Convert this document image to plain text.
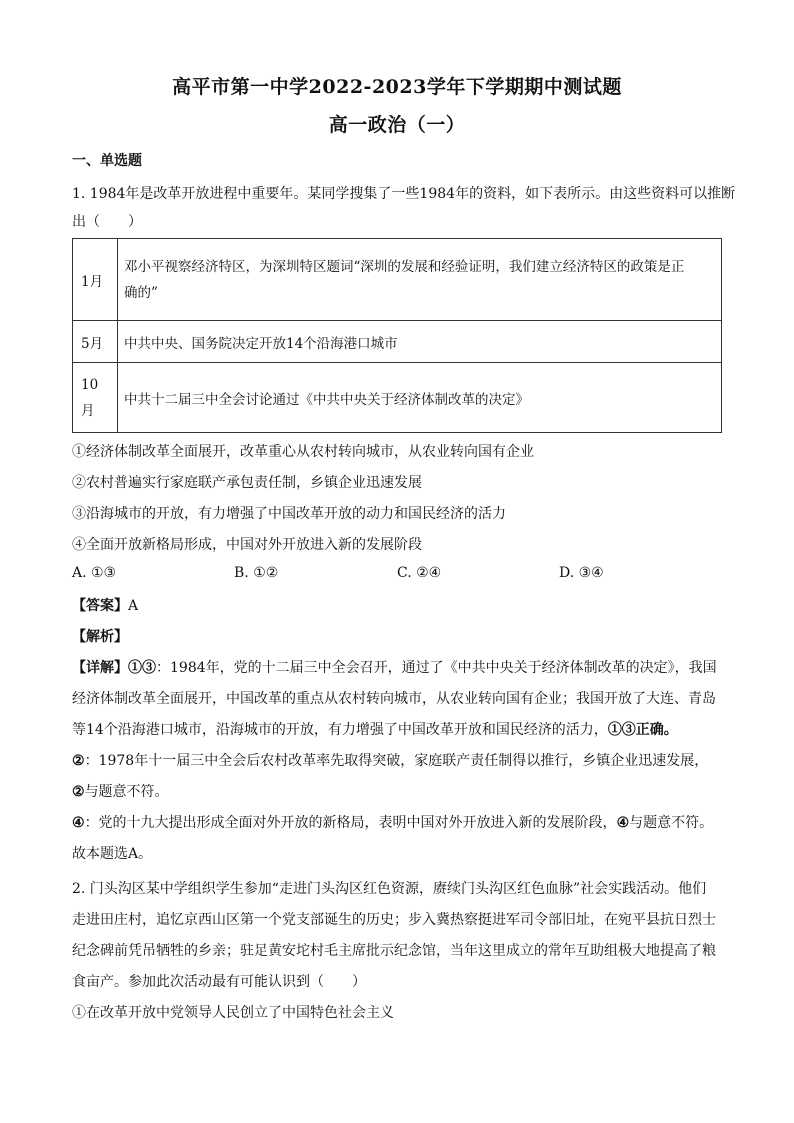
高平市第一中学2022-2023学年下学期期中测试题
高一政治（一）
一、单选题
1. 1984年是改革开放进程中重要年。某同学搜集了一些1984年的资料，如下表所示。由这些资料可以推断
出（　　）
1月	邓小平视察经济特区，为深圳特区题词“深圳的发展和经验证明，我们建立经济特区的政策是正
确的”

5月	中共中央、国务院决定开放14个沿海港口城市

10
月	中共十二届三中全会讨论通过《中共中央关于经济体制改革的决定》
①经济体制改革全面展开，改革重心从农村转向城市，从农业转向国有企业
②农村普遍实行家庭联产承包责任制，乡镇企业迅速发展
③沿海城市的开放，有力增强了中国改革开放的动力和国民经济的活力
④全面开放新格局形成，中国对外开放进入新的发展阶段
A. ①③	B. ①②	C. ②④	D. ③④
【答案】A
【解析】
【详解】①③：1984年，党的十二届三中全会召开，通过了《中共中央关于经济体制改革的决定》，我国
经济体制改革全面展开，中国改革的重点从农村转向城市，从农业转向国有企业；我国开放了大连、青岛
等14个沿海港口城市，沿海城市的开放，有力增强了中国改革开放和国民经济的活力，①③正确。
②：1978年十一届三中全会后农村改革率先取得突破，家庭联产责任制得以推行，乡镇企业迅速发展，
②与题意不符。
④：党的十九大提出形成全面对外开放的新格局，表明中国对外开放进入新的发展阶段，④与题意不符。
故本题选A。
2. 门头沟区某中学组织学生参加“走进门头沟区红色资源，赓续门头沟区红色血脉”社会实践活动。他们
走进田庄村，追忆京西山区第一个党支部诞生的历史；步入冀热察挺进军司令部旧址，在宛平县抗日烈士
纪念碑前凭吊牺牲的乡亲；驻足黄安坨村毛主席批示纪念馆，当年这里成立的常年互助组极大地提高了粮
食亩产。参加此次活动最有可能认识到（　　）
①在改革开放中党领导人民创立了中国特色社会主义
